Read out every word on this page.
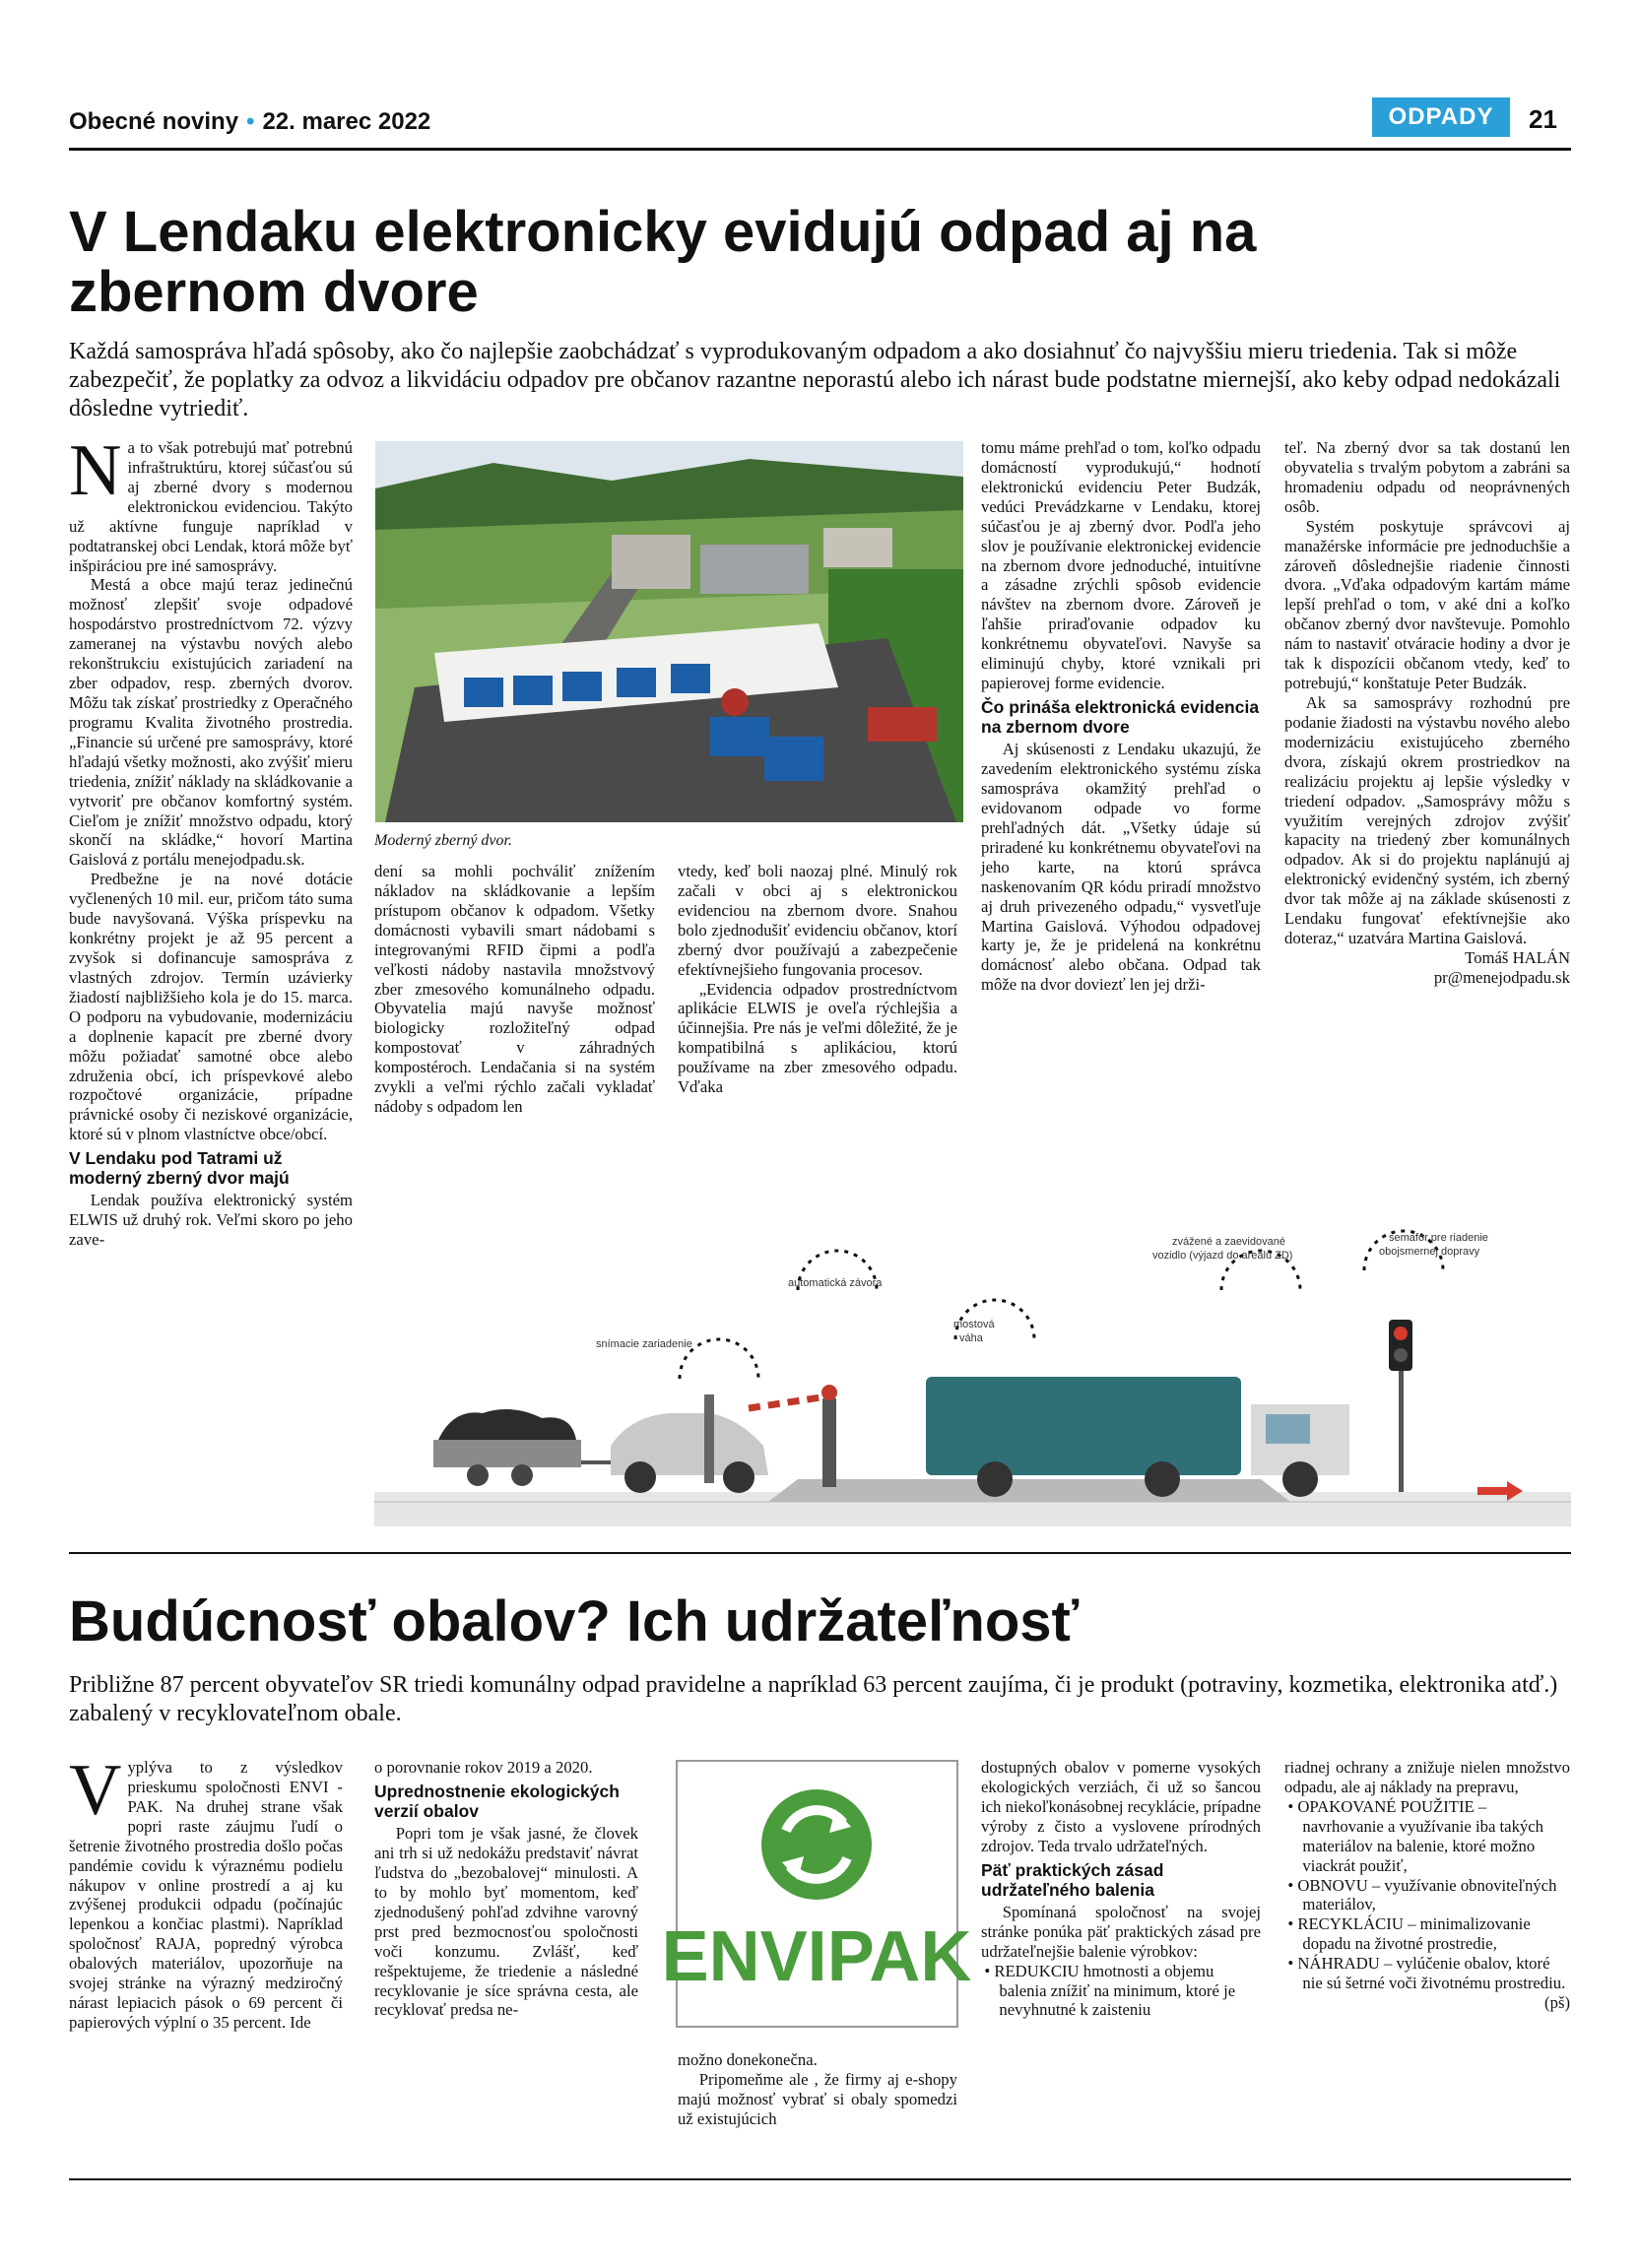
Obecné noviny • 22. marec 2022	ODPADY	21
V Lendaku elektronicky evidujú odpad aj na zbernom dvore

Každá samospráva hľadá spôsoby, ako čo najlepšie zaobchádzať s vyprodukovaným odpadom a ako dosiahnuť čo najvyššiu mieru triedenia. Tak si môže zabezpečiť, že poplatky za odvoz a likvidáciu odpadov pre občanov razantne neporastú alebo ich nárast bude podstatne miernejší, ako keby odpad nedokázali dôsledne vytriediť.

Na to však potrebujú mať potrebnú infraštruktúru, ktorej súčasťou sú aj zberné dvory s modernou elektronickou evidenciou. Takýto už aktívne funguje napríklad v podtatranskej obci Lendak, ktorá môže byť inšpiráciou pre iné samosprávy.

Mestá a obce majú teraz jedinečnú možnosť zlepšiť svoje odpadové hospodárstvo prostredníctvom 72. výzvy zameranej na výstavbu nových alebo rekonštrukciu existujúcich zariadení na zber odpadov, resp. zberných dvorov. Môžu tak získať prostriedky z Operačného programu Kvalita životného prostredia. „Financie sú určené pre samosprávy, ktoré hľadajú všetky možnosti, ako zvýšiť mieru triedenia, znížiť náklady na skládkovanie a vytvoriť pre občanov komfortný systém. Cieľom je znížiť množstvo odpadu, ktorý skončí na skládke,“ hovorí Martina Gaislová z portálu menejodpadu.sk.

Predbežne je na nové dotácie vyčlenených 10 mil. eur, pričom táto suma bude navyšovaná. Výška príspevku na konkrétny projekt je až 95 percent a zvyšok si dofinancuje samospráva z vlastných zdrojov. Termín uzávierky žiadostí najbližšieho kola je do 15. marca. O podporu na vybudovanie, modernizáciu a doplnenie kapacít pre zberné dvory môžu požiadať samotné obce alebo združenia obcí, ich príspevkové alebo rozpočtové organizácie, prípadne právnické osoby či neziskové organizácie, ktoré sú v plnom vlastníctve obce/obcí.

V Lendaku pod Tatrami už moderný zberný dvor majú

Lendak používa elektronický systém ELWIS už druhý rok. Veľmi skoro po jeho zave-

Moderný zberný dvor.

dení sa mohli pochváliť znížením nákladov na skládkovanie a lepším prístupom občanov k odpadom. Všetky domácnosti vybavili smart nádobami s integrovanými RFID čipmi a podľa veľkosti nádoby nastavila množstvový zber zmesového komunálneho odpadu. Obyvatelia majú navyše možnosť biologicky rozložiteľný odpad kompostovať v záhradných kompostéroch. Lendačania si na systém zvykli a veľmi rýchlo začali vykladať nádoby s odpadom len

vtedy, keď boli naozaj plné. Minulý rok začali v obci aj s elektronickou evidenciou na zbernom dvore. Snahou bolo zjednodušiť evidenciu občanov, ktorí zberný dvor používajú a zabezpečenie efektívnejšieho fungovania procesov.

„Evidencia odpadov prostredníctvom aplikácie ELWIS je oveľa rýchlejšia a účinnejšia. Pre nás je veľmi dôležité, že je kompatibilná s aplikáciou, ktorú používame na zber zmesového odpadu. Vďaka

tomu máme prehľad o tom, koľko odpadu domácností vyprodukujú,“ hodnotí elektronickú evidenciu Peter Budzák, vedúci Prevádzkarne v Lendaku, ktorej súčasťou je aj zberný dvor. Podľa jeho slov je používanie elektronickej evidencie na zbernom dvore jednoduché, intuitívne a zásadne zrýchli spôsob evidencie návštev na zbernom dvore. Zároveň je ľahšie priraďovanie odpadov ku konkrétnemu obyvateľovi. Navyše sa eliminujú chyby, ktoré vznikali pri papierovej forme evidencie.

Čo prináša elektronická evidencia na zbernom dvore

Aj skúsenosti z Lendaku ukazujú, že zavedením elektronického systému získa samospráva okamžitý prehľad o evidovanom odpade vo forme prehľadných dát. „Všetky údaje sú priradené ku konkrétnemu obyvateľovi na jeho karte, na ktorú správca naskenovaním QR kódu priradí množstvo aj druh privezeného odpadu,“ vysvetľuje Martina Gaislová. Výhodou odpadovej karty je, že je pridelená na konkrétnu domácnosť alebo občana. Odpad tak môže na dvor doviezť len jej drži-

teľ. Na zberný dvor sa tak dostanú len obyvatelia s trvalým pobytom a zabráni sa hromadeniu odpadu od neoprávnených osôb.

Systém poskytuje správcovi aj manažérske informácie pre jednoduchšie a zároveň dôslednejšie riadenie činnosti dvora. „Vďaka odpadovým kartám máme lepší prehľad o tom, v aké dni a koľko občanov zberný dvor navštevuje. Pomohlo nám to nastaviť otváracie hodiny a dvor je tak k dispozícii občanom vtedy, keď to potrebujú,“ konštatuje Peter Budzák.

Ak sa samosprávy rozhodnú pre podanie žiadosti na výstavbu nového alebo modernizáciu existujúceho zberného dvora, získajú okrem prostriedkov na realizáciu projektu aj lepšie výsledky v triedení odpadov. „Samosprávy môžu s využitím verejných zdrojov zvýšiť kapacity na triedený zber komunálnych odpadov. Ak si do projektu naplánujú aj elektronický evidenčný systém, ich zberný dvor tak môže aj na základe skúsenosti z Lendaku fungovať efektívnejšie ako doteraz,“ uzatvára Martina Gaislová.

Tomáš HALÁN

pr@menejodpadu.sk

snímacie zariadenie
automatická závora
mostová
váha
zvážené a zaevidované
vozidlo (výjazd do areálu ZD)
semafór pre riadenie
obojsmernej dopravy
Budúcnosť obalov? Ich udržateľnosť

Približne 87 percent obyvateľov SR triedi komunálny odpad pravidelne a napríklad 63 percent zaujíma, či je produkt (potraviny, kozmetika, elektronika atď.) zabalený v recyklovateľnom obale.

Vyplýva to z výsledkov prieskumu spoločnosti ENVI - PAK. Na druhej strane však popri raste záujmu ľudí o šetrenie životného prostredia došlo počas pandémie covidu k výraznému podielu nákupov v online prostredí a aj ku zvýšenej produkcii odpadu (počínajúc lepenkou a končiac plastmi). Napríklad spoločnosť RAJA, popredný výrobca obalových materiálov, upozorňuje na svojej stránke na výrazný medziročný nárast lepiacich pások o 69 percent či papierových výplní o 35 percent. Ide

o porovnanie rokov 2019 a 2020.

Uprednostnenie ekologických verzií obalov

Popri tom je však jasné, že človek ani trh si už nedokážu predstaviť návrat ľudstva do „bezobalovej“ minulosti. A to by mohlo byť momentom, keď zjednodušený pohľad zdvihne varovný prst pred bezmocnosťou spoločnosti voči konzumu. Zvlášť, keď rešpektujeme, že triedenie a následné recyklovanie je síce správna cesta, ale recyklovať predsa ne-

ENVIPAK

možno donekonečna.

Pripomeňme ale , že firmy aj e-shopy majú možnosť vybrať si obaly spomedzi už existujúcich

dostupných obalov v pomerne vysokých ekologických verziách, či už so šancou ich niekoľkonásobnej recyklácie, prípadne výroby z čisto a vyslovene prírodných zdrojov. Teda trvalo udržateľných.

Päť praktických zásad udržateľného balenia

Spomínaná spoločnosť na svojej stránke ponúka päť praktických zásad pre udržateľnejšie balenie výrobkov:

• REDUKCIU hmotnosti a objemu balenia znížiť na minimum, ktoré je nevyhnutné k zaisteniu

riadnej ochrany a znižuje nielen množstvo odpadu, ale aj náklady na prepravu,

• OPAKOVANÉ POUŽITIE – navrhovanie a využívanie iba takých materiálov na balenie, ktoré možno viackrát použiť,

• OBNOVU – využívanie obnoviteľných materiálov,

• RECYKLÁCIU – minimalizovanie dopadu na životné prostredie,

• NÁHRADU – vylúčenie obalov, ktoré nie sú šetrné voči životnému prostrediu.

(pš)
